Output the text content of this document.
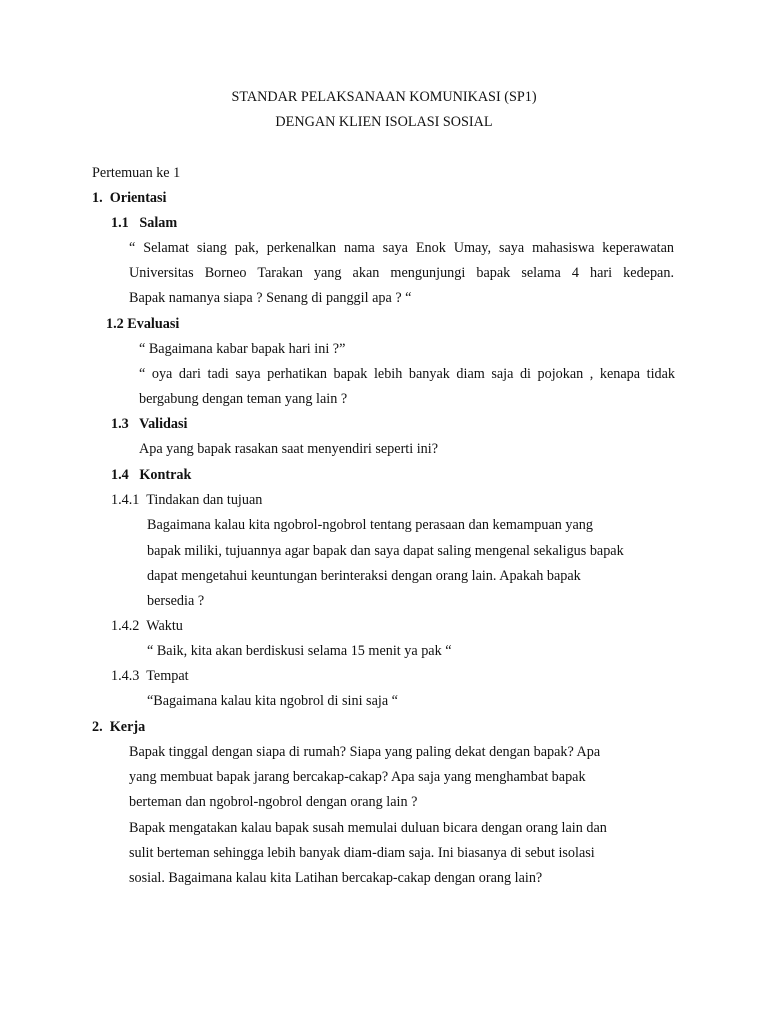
STANDAR PELAKSANAAN KOMUNIKASI (SP1)
DENGAN KLIEN ISOLASI SOSIAL
Pertemuan ke 1
1. Orientasi
1.1 Salam
“ Selamat siang pak, perkenalkan nama saya Enok Umay, saya mahasiswa keperawatan
Universitas Borneo Tarakan yang akan mengunjungi bapak selama 4 hari kedepan.
Bapak namanya siapa ? Senang di panggil apa ? “
1.2 Evaluasi
“ Bagaimana kabar bapak hari ini ?”
“ oya dari tadi saya perhatikan bapak lebih banyak diam saja di pojokan , kenapa tidak
bergabung dengan teman yang lain ?
1.3 Validasi
Apa yang bapak rasakan saat menyendiri seperti ini?
1.4 Kontrak
1.4.1 Tindakan dan tujuan
Bagaimana kalau kita ngobrol-ngobrol tentang perasaan dan kemampuan yang
bapak miliki, tujuannya agar bapak dan saya dapat saling mengenal sekaligus bapak
dapat mengetahui keuntungan berinteraksi dengan orang lain. Apakah bapak
bersedia ?
1.4.2 Waktu
“ Baik, kita akan berdiskusi selama 15 menit ya pak “
1.4.3 Tempat
“Bagaimana kalau kita ngobrol di sini saja “
2. Kerja
Bapak tinggal dengan siapa di rumah? Siapa yang paling dekat dengan bapak? Apa
yang membuat bapak jarang bercakap-cakap? Apa saja yang menghambat bapak
berteman dan ngobrol-ngobrol dengan orang lain ?
Bapak mengatakan kalau bapak susah memulai duluan bicara dengan orang lain dan
sulit berteman sehingga lebih banyak diam-diam saja. Ini biasanya di sebut isolasi
sosial. Bagaimana kalau kita Latihan bercakap-cakap dengan orang lain?
